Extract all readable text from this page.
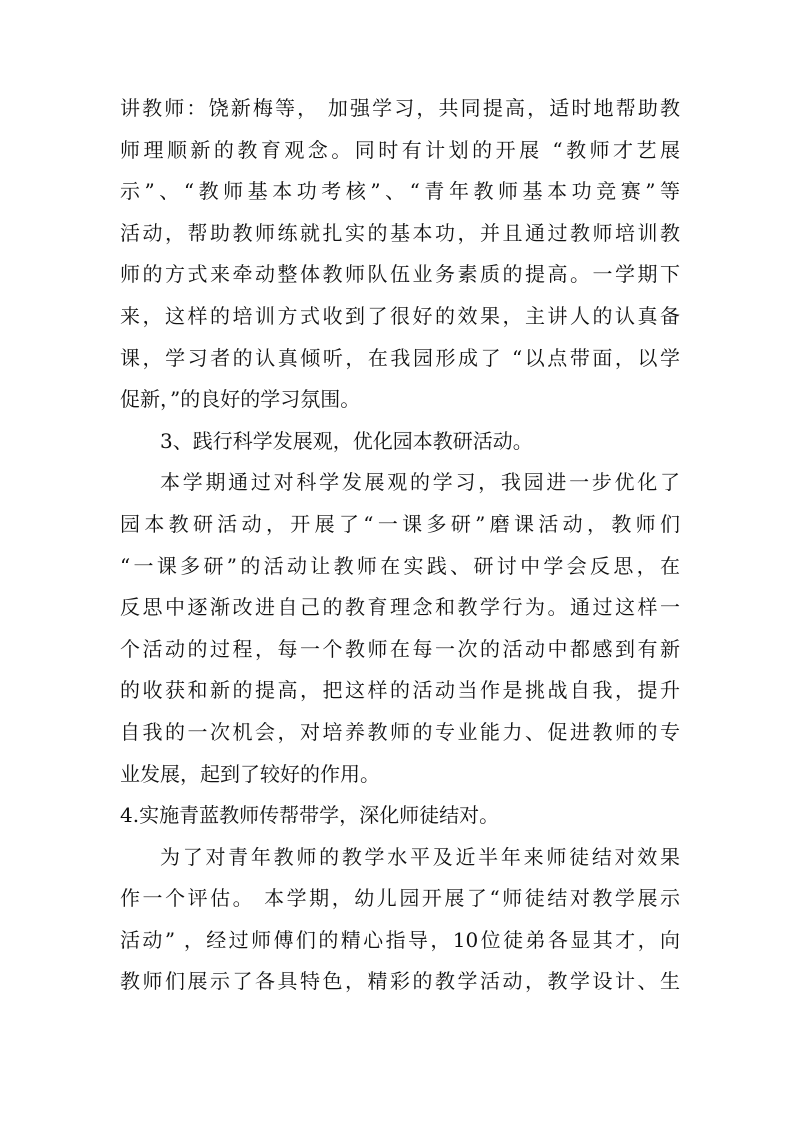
讲教师：饶新梅等， 加强学习，共同提高，适时地帮助教
师理顺新的教育观念。同时有计划的开展 “教师才艺展
示”、“教师基本功考核”、“青年教师基本功竞赛”等
活动，帮助教师练就扎实的基本功，并且通过教师培训教
师的方式来牵动整体教师队伍业务素质的提高。一学期下
来，这样的培训方式收到了很好的效果，主讲人的认真备
课，学习者的认真倾听，在我园形成了 “以点带面，以学
促新，”的良好的学习氛围。
3、践行科学发展观，优化园本教研活动。
本学期通过对科学发展观的学习，我园进一步优化了
园本教研活动，开展了“一课多研”磨课活动，教师们
“一课多研”的活动让教师在实践、研讨中学会反思，在
反思中逐渐改进自己的教育理念和教学行为。通过这样一
个活动的过程，每一个教师在每一次的活动中都感到有新
的收获和新的提高，把这样的活动当作是挑战自我，提升
自我的一次机会，对培养教师的专业能力、促进教师的专
业发展，起到了较好的作用。
4.实施青蓝教师传帮带学，深化师徒结对。
为了对青年教师的教学水平及近半年来师徒结对效果
作一个评估。 本学期，幼儿园开展了“师徒结对教学展示
活动” ，经过师傅们的精心指导，10位徒弟各显其才，向
教师们展示了各具特色，精彩的教学活动，教学设计、生
